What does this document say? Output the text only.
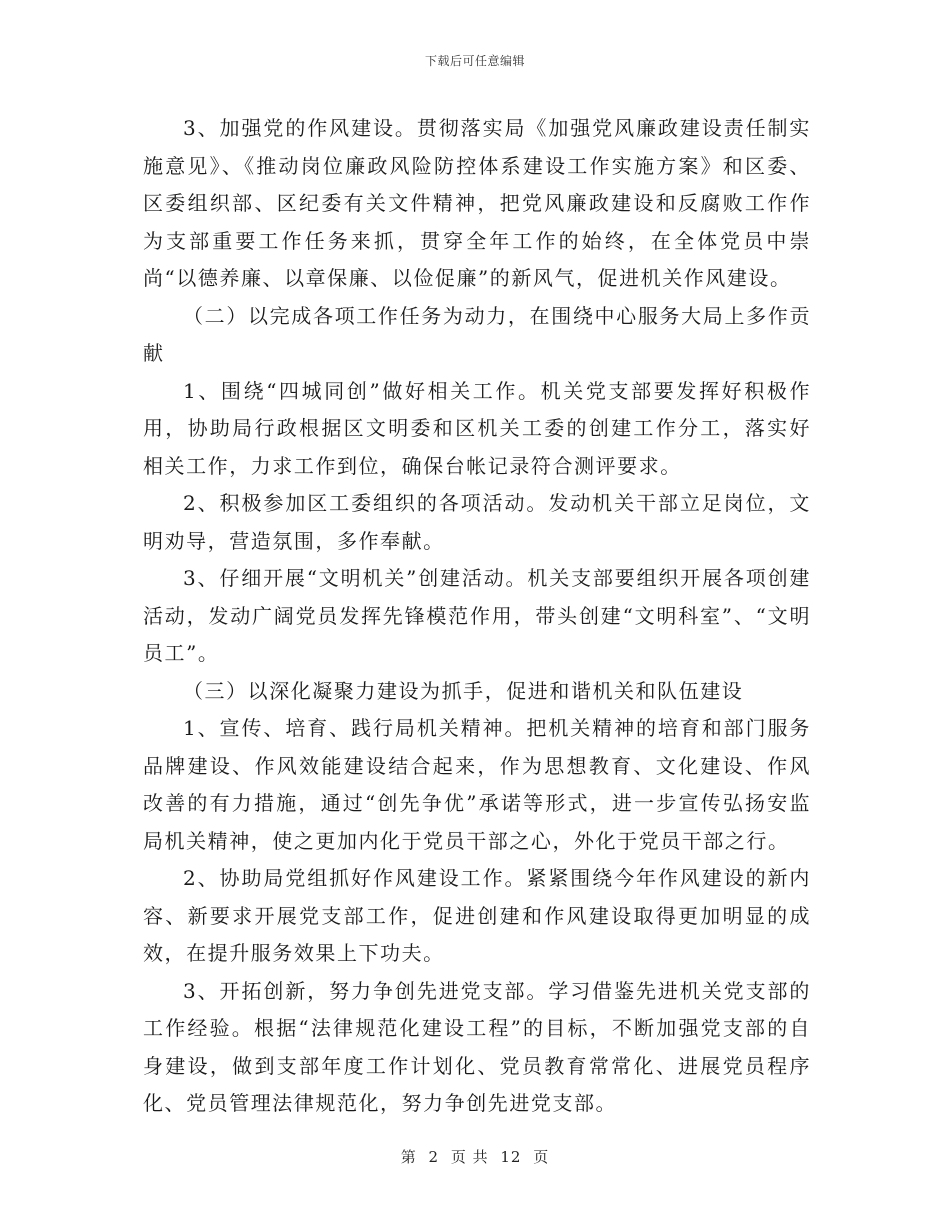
下载后可任意编辑

3、加强党的作风建设。贯彻落实局《加强党风廉政建设责任制实施意见》、《推动岗位廉政风险防控体系建设工作实施方案》和区委、区委组织部、区纪委有关文件精神，把党风廉政建设和反腐败工作作为支部重要工作任务来抓，贯穿全年工作的始终，在全体党员中崇尚“以德养廉、以章保廉、以俭促廉”的新风气，促进机关作风建设。

（二）以完成各项工作任务为动力，在围绕中心服务大局上多作贡献

1、围绕“四城同创”做好相关工作。机关党支部要发挥好积极作用，协助局行政根据区文明委和区机关工委的创建工作分工，落实好相关工作，力求工作到位，确保台帐记录符合测评要求。

2、积极参加区工委组织的各项活动。发动机关干部立足岗位，文明劝导，营造氛围，多作奉献。

3、仔细开展“文明机关”创建活动。机关支部要组织开展各项创建活动，发动广阔党员发挥先锋模范作用，带头创建“文明科室”、“文明员工”。

（三）以深化凝聚力建设为抓手，促进和谐机关和队伍建设

1、宣传、培育、践行局机关精神。把机关精神的培育和部门服务品牌建设、作风效能建设结合起来，作为思想教育、文化建设、作风改善的有力措施，通过“创先争优”承诺等形式，进一步宣传弘扬安监局机关精神，使之更加内化于党员干部之心，外化于党员干部之行。

2、协助局党组抓好作风建设工作。紧紧围绕今年作风建设的新内容、新要求开展党支部工作，促进创建和作风建设取得更加明显的成效，在提升服务效果上下功夫。

3、开拓创新，努力争创先进党支部。学习借鉴先进机关党支部的工作经验。根据“法律规范化建设工程”的目标，不断加强党支部的自身建设，做到支部年度工作计划化、党员教育常常化、进展党员程序化、党员管理法律规范化，努力争创先进党支部。

第 2 页 共 12 页
